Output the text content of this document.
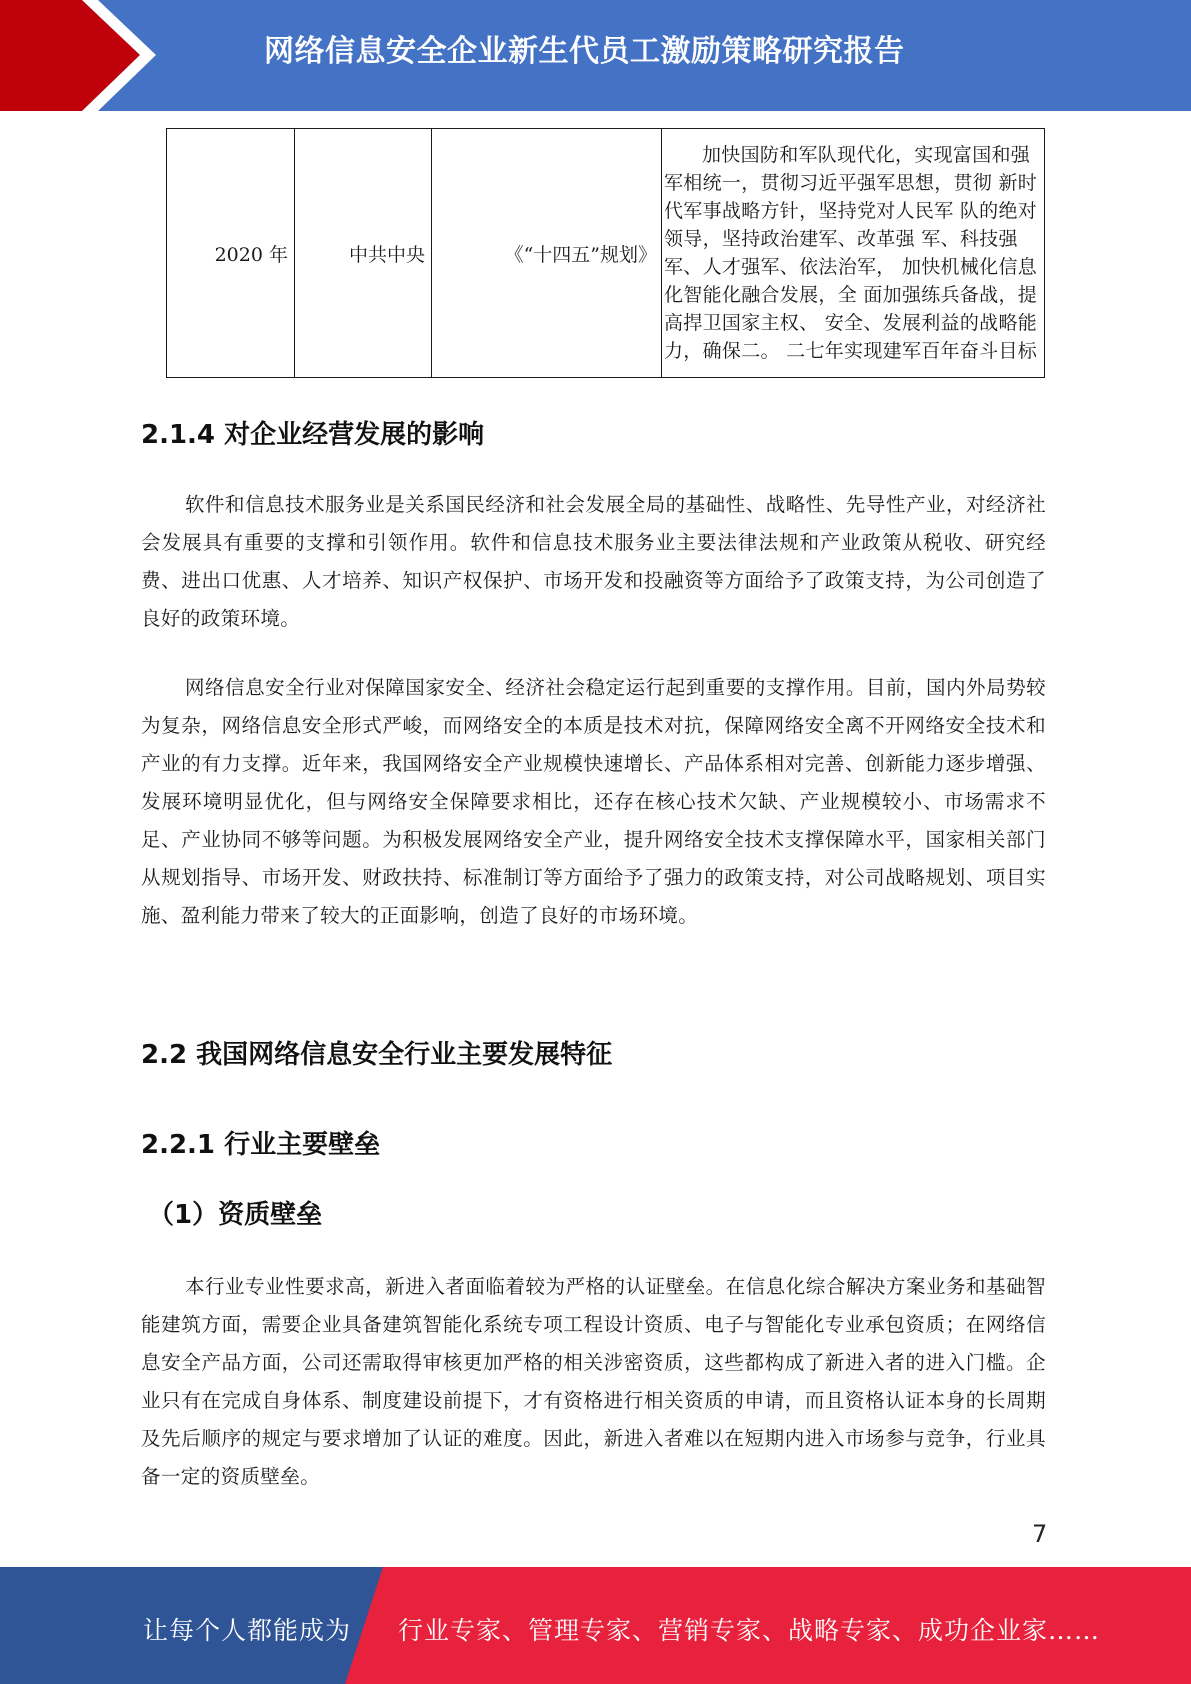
网络信息安全企业新生代员工激励策略研究报告
2020 年	中共中央	《“十四五”规划》	加快国防和军队现代化，实现富国和强军相统一，贯彻习近平强军思想，贯彻 新时代军事战略方针，坚持党对人民军 队的绝对领导，坚持政治建军、改革强 军、科技强军、人才强军、依法治军， 加快机械化信息化智能化融合发展，全 面加强练兵备战，提高捍卫国家主权、 安全、发展利益的战略能力，确保二。 二七年实现建军百年奋斗目标
2.1.4 对企业经营发展的影响

软件和信息技术服务业是关系国民经济和社会发展全局的基础性、战略性、先导性产业，对经济社会发展具有重要的支撑和引领作用。软件和信息技术服务业主要法律法规和产业政策从税收、研究经费、进出口优惠、人才培养、知识产权保护、市场开发和投融资等方面给予了政策支持，为公司创造了良好的政策环境。

网络信息安全行业对保障国家安全、经济社会稳定运行起到重要的支撑作用。目前，国内外局势较为复杂，网络信息安全形式严峻，而网络安全的本质是技术对抗，保障网络安全离不开网络安全技术和产业的有力支撑。近年来，我国网络安全产业规模快速增长、产品体系相对完善、创新能力逐步增强、发展环境明显优化，但与网络安全保障要求相比，还存在核心技术欠缺、产业规模较小、市场需求不足、产业协同不够等问题。为积极发展网络安全产业，提升网络安全技术支撑保障水平，国家相关部门从规划指导、市场开发、财政扶持、标准制订等方面给予了强力的政策支持，对公司战略规划、项目实施、盈利能力带来了较大的正面影响，创造了良好的市场环境。

2.2 我国网络信息安全行业主要发展特征
2.2.1 行业主要壁垒
（1）资质壁垒

本行业专业性要求高，新进入者面临着较为严格的认证壁垒。在信息化综合解决方案业务和基础智能建筑方面，需要企业具备建筑智能化系统专项工程设计资质、电子与智能化专业承包资质；在网络信息安全产品方面，公司还需取得审核更加严格的相关涉密资质，这些都构成了新进入者的进入门槛。企业只有在完成自身体系、制度建设前提下，才有资格进行相关资质的申请，而且资格认证本身的长周期及先后顺序的规定与要求增加了认证的难度。因此，新进入者难以在短期内进入市场参与竞争，行业具备一定的资质壁垒。

7
让每个人都能成为 行业专家、管理专家、营销专家、战略专家、成功企业家……
